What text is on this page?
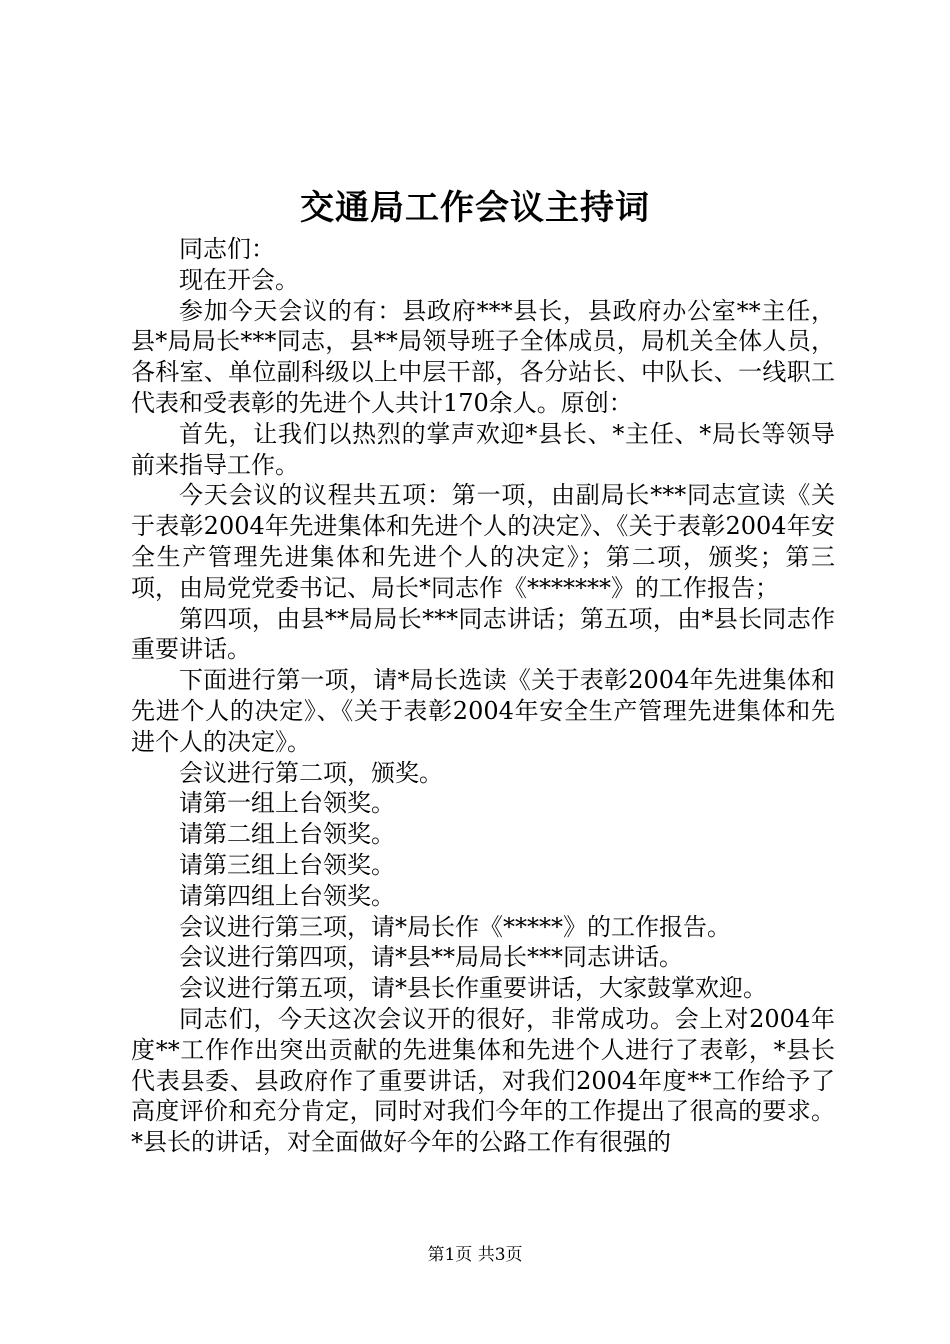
交通局工作会议主持词

同志们：

现在开会。

参加今天会议的有：县政府***县长，县政府办公室**主任，县*局局长***同志，县**局领导班子全体成员，局机关全体人员，各科室、单位副科级以上中层干部，各分站长、中队长、一线职工代表和受表彰的先进个人共计170余人。原创：

首先，让我们以热烈的掌声欢迎*县长、*主任、*局长等领导前来指导工作。

今天会议的议程共五项：第一项，由副局长***同志宣读《关于表彰2004年先进集体和先进个人的决定》、《关于表彰2004年安全生产管理先进集体和先进个人的决定》；第二项，颁奖；第三项，由局党党委书记、局长*同志作《*******》的工作报告；

第四项，由县**局局长***同志讲话；第五项，由*县长同志作重要讲话。

下面进行第一项，请*局长选读《关于表彰2004年先进集体和先进个人的决定》、《关于表彰2004年安全生产管理先进集体和先进个人的决定》。

会议进行第二项，颁奖。

请第一组上台领奖。

请第二组上台领奖。

请第三组上台领奖。

请第四组上台领奖。

会议进行第三项，请*局长作《*****》的工作报告。

会议进行第四项，请*县**局局长***同志讲话。

会议进行第五项，请*县长作重要讲话，大家鼓掌欢迎。

同志们，今天这次会议开的很好，非常成功。会上对2004年度**工作作出突出贡献的先进集体和先进个人进行了表彰，*县长代表县委、县政府作了重要讲话，对我们2004年度**工作给予了高度评价和充分肯定，同时对我们今年的工作提出了很高的要求。*县长的讲话，对全面做好今年的公路工作有很强的

第1页 共3页
